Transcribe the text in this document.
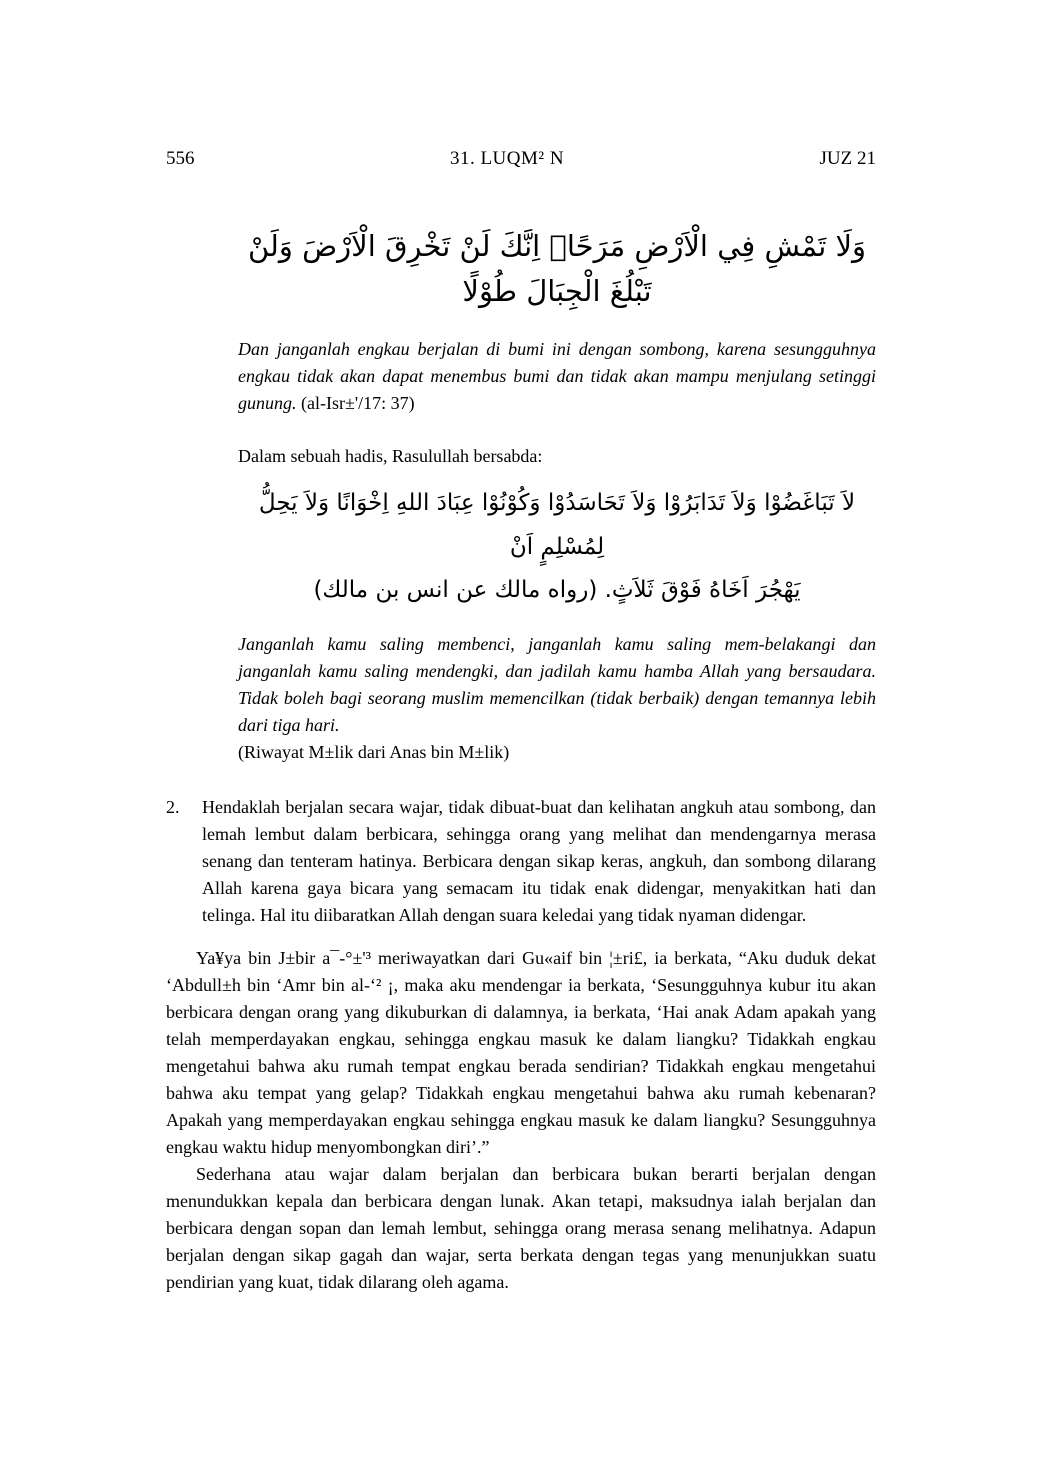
556	31. LUQM² N	JUZ 21
وَلَا تَمْشِ فِي الْاَرْضِ مَرَحًاۚ اِنَّكَ لَنْ تَخْرِقَ الْاَرْضَ وَلَنْ تَبْلُغَ الْجِبَالَ طُوْلًا

Dan janganlah engkau berjalan di bumi ini dengan sombong, karena sesungguhnya engkau tidak akan dapat menembus bumi dan tidak akan mampu menjulang setinggi gunung. (al-Isr±'/17: 37)

Dalam sebuah hadis, Rasulullah bersabda:

لاَ تَبَاغَضُوْا وَلاَ تَدَابَرُوْا وَلاَ تَحَاسَدُوْا وَكُوْنُوْا عِبَادَ اللهِ اِخْوَانًا وَلاَ يَحِلُّ لِمُسْلِمٍ اَنْ
يَهْجُرَ اَخَاهُ فَوْقَ ثَلاَثٍ. (رواه مالك عن انس بن مالك)

Janganlah kamu saling membenci, janganlah kamu saling mem-belakangi dan janganlah kamu saling mendengki, dan jadilah kamu hamba Allah yang bersaudara. Tidak boleh bagi seorang muslim memencilkan (tidak berbaik) dengan temannya lebih dari tiga hari.
(Riwayat M±lik dari Anas bin M±lik)

2. Hendaklah berjalan secara wajar, tidak dibuat-buat dan kelihatan angkuh atau sombong, dan lemah lembut dalam berbicara, sehingga orang yang melihat dan mendengarnya merasa senang dan tenteram hatinya. Berbicara dengan sikap keras, angkuh, dan sombong dilarang Allah karena gaya bicara yang semacam itu tidak enak didengar, menyakitkan hati dan telinga. Hal itu diibaratkan Allah dengan suara keledai yang tidak nyaman didengar.

Ya¥ya bin J±bir a¯-°±'³ meriwayatkan dari Gu«aif bin ¦±ri£, ia berkata, “Aku duduk dekat ‘Abdull±h bin ‘Amr bin al-‘² ¡, maka aku mendengar ia berkata, ‘Sesungguhnya kubur itu akan berbicara dengan orang yang dikuburkan di dalamnya, ia berkata, ‘Hai anak Adam apakah yang telah memperdayakan engkau, sehingga engkau masuk ke dalam liangku? Tidakkah engkau mengetahui bahwa aku rumah tempat engkau berada sendirian? Tidakkah engkau mengetahui bahwa aku tempat yang gelap? Tidakkah engkau mengetahui bahwa aku rumah kebenaran? Apakah yang memperdayakan engkau sehingga engkau masuk ke dalam liangku? Sesungguhnya engkau waktu hidup menyombongkan diri’.”

Sederhana atau wajar dalam berjalan dan berbicara bukan berarti berjalan dengan menundukkan kepala dan berbicara dengan lunak. Akan tetapi, maksudnya ialah berjalan dan berbicara dengan sopan dan lemah lembut, sehingga orang merasa senang melihatnya. Adapun berjalan dengan sikap gagah dan wajar, serta berkata dengan tegas yang menunjukkan suatu pendirian yang kuat, tidak dilarang oleh agama.
